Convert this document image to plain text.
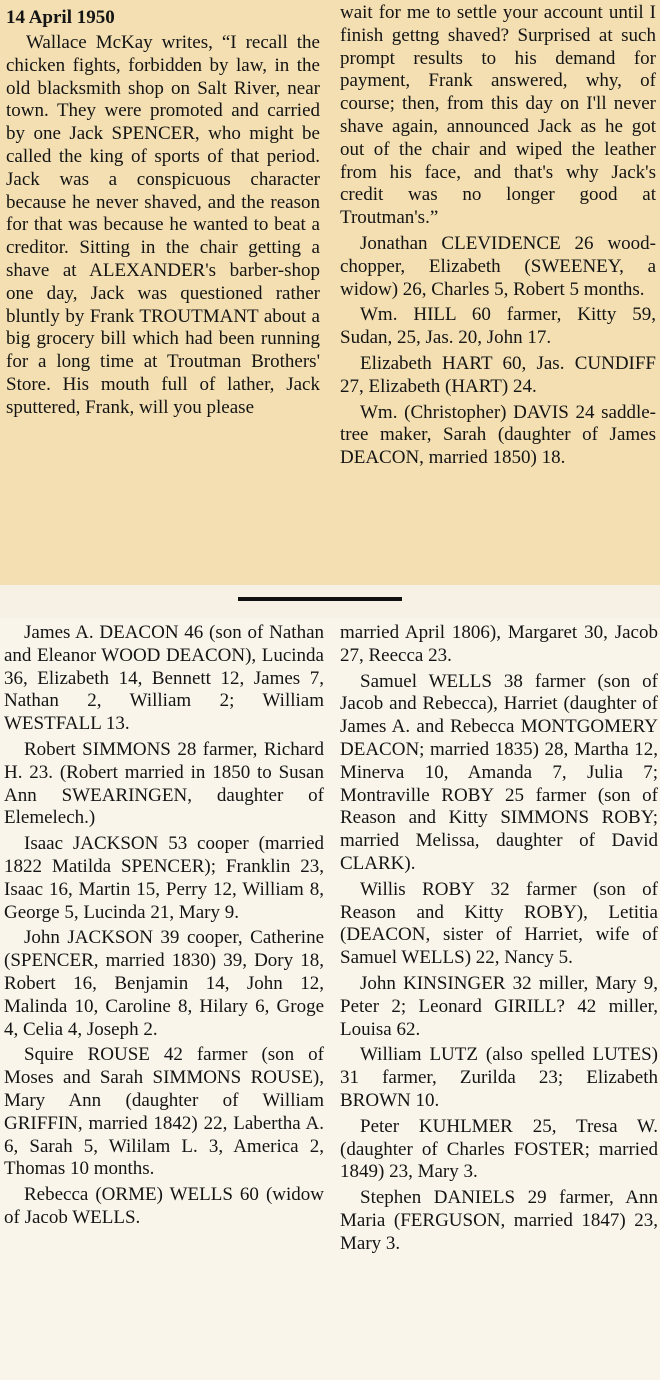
14 April 1950

Wallace McKay writes, “I recall the chicken fights, forbidden by law, in the old blacksmith shop on Salt River, near town. They were promoted and carried by one Jack SPENCER, who might be called the king of sports of that period. Jack was a conspicuous character because he never shaved, and the reason for that was because he wanted to beat a creditor. Sitting in the chair getting a shave at ALEXANDER's barber-shop one day, Jack was questioned rather bluntly by Frank TROUTMANT about a big grocery bill which had been running for a long time at Troutman Brothers' Store. His mouth full of lather, Jack sputtered, Frank, will you please

wait for me to settle your account until I finish gettng shaved? Surprised at such prompt results to his demand for payment, Frank answered, why, of course; then, from this day on I'll never shave again, announced Jack as he got out of the chair and wiped the leather from his face, and that's why Jack's credit was no longer good at Troutman's.”

Jonathan CLEVIDENCE 26 wood-chopper, Elizabeth (SWEENEY, a widow) 26, Charles 5, Robert 5 months.

Wm. HILL 60 farmer, Kitty 59, Sudan, 25, Jas. 20, John 17.

Elizabeth HART 60, Jas. CUNDIFF 27, Elizabeth (HART) 24.

Wm. (Christopher) DAVIS 24 saddle-tree maker, Sarah (daughter of James DEACON, married 1850) 18.

James A. DEACON 46 (son of Nathan and Eleanor WOOD DEACON), Lucinda 36, Elizabeth 14, Bennett 12, James 7, Nathan 2, William 2; William WESTFALL 13.

Robert SIMMONS 28 farmer, Richard H. 23. (Robert married in 1850 to Susan Ann SWEARINGEN, daughter of Elemelech.)

Isaac JACKSON 53 cooper (married 1822 Matilda SPENCER); Franklin 23, Isaac 16, Martin 15, Perry 12, William 8, George 5, Lucinda 21, Mary 9.

John JACKSON 39 cooper, Catherine (SPENCER, married 1830) 39, Dory 18, Robert 16, Benjamin 14, John 12, Malinda 10, Caroline 8, Hilary 6, Groge 4, Celia 4, Joseph 2.

Squire ROUSE 42 farmer (son of Moses and Sarah SIMMONS ROUSE), Mary Ann (daughter of William GRIFFIN, married 1842) 22, Labertha A. 6, Sarah 5, Wililam L. 3, America 2, Thomas 10 months.

Rebecca (ORME) WELLS 60 (widow of Jacob WELLS.

married April 1806), Margaret 30, Jacob 27, Reecca 23.

Samuel WELLS 38 farmer (son of Jacob and Rebecca), Harriet (daughter of James A. and Rebecca MONTGOMERY DEACON; married 1835) 28, Martha 12, Minerva 10, Amanda 7, Julia 7; Montraville ROBY 25 farmer (son of Reason and Kitty SIMMONS ROBY; married Melissa, daughter of David CLARK).

Willis ROBY 32 farmer (son of Reason and Kitty ROBY), Letitia (DEACON, sister of Harriet, wife of Samuel WELLS) 22, Nancy 5.

John KINSINGER 32 miller, Mary 9, Peter 2; Leonard GIRILL? 42 miller, Louisa 62.

William LUTZ (also spelled LUTES) 31 farmer, Zurilda 23; Elizabeth BROWN 10.

Peter KUHLMER 25, Tresa W. (daughter of Charles FOSTER; married 1849) 23, Mary 3.

Stephen DANIELS 29 farmer, Ann Maria (FERGUSON, married 1847) 23, Mary 3.
